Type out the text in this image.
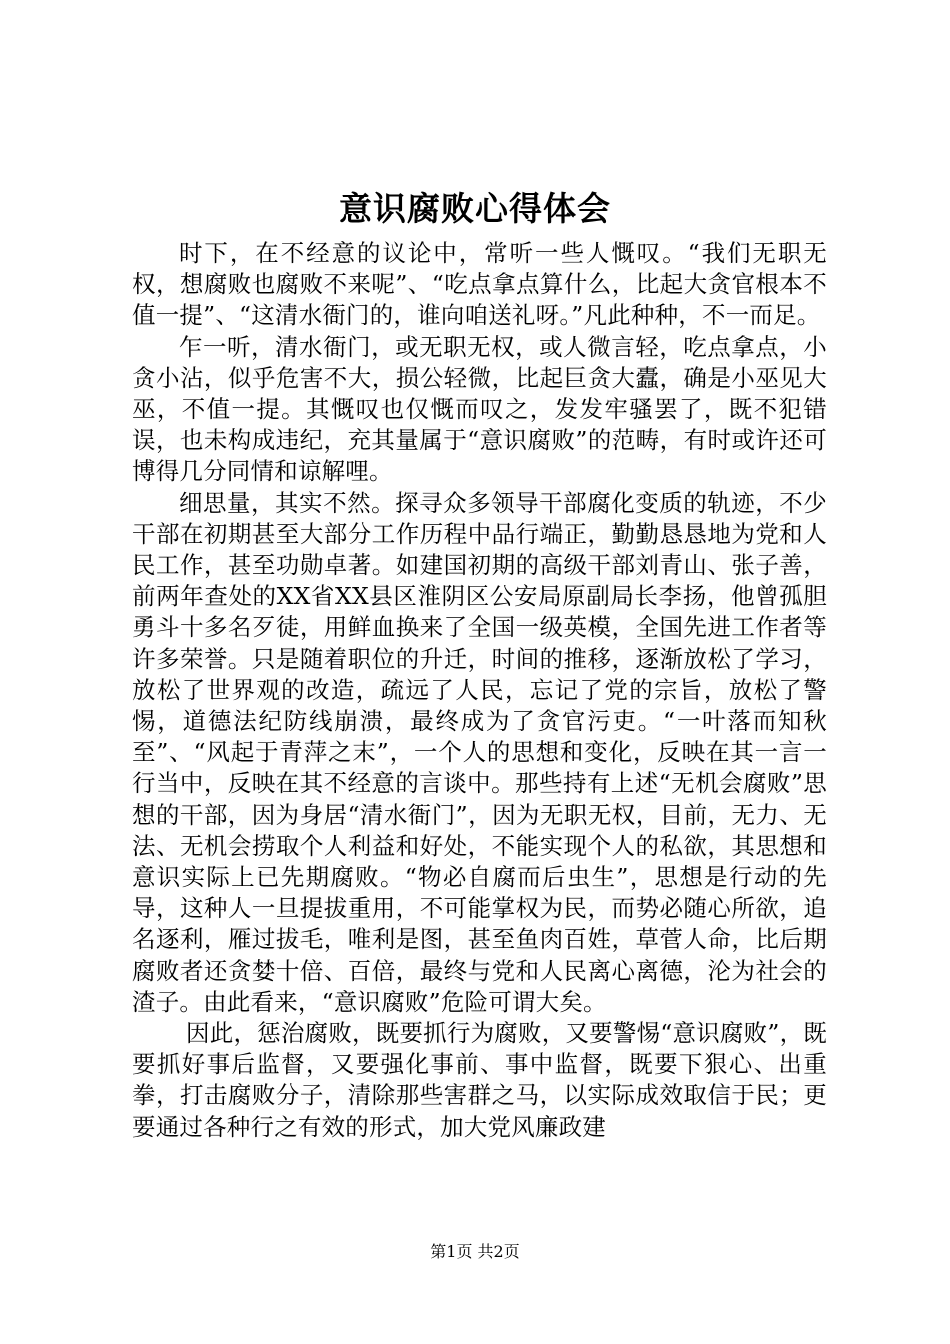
意识腐败心得体会

时下，在不经意的议论中，常听一些人慨叹。“我们无职无权，想腐败也腐败不来呢”、“吃点拿点算什么，比起大贪官根本不值一提”、“这清水衙门的，谁向咱送礼呀。”凡此种种，不一而足。

乍一听，清水衙门，或无职无权，或人微言轻，吃点拿点，小贪小沾，似乎危害不大，损公轻微，比起巨贪大蠹，确是小巫见大巫，不值一提。其慨叹也仅慨而叹之，发发牢骚罢了，既不犯错误，也未构成违纪，充其量属于“意识腐败”的范畴，有时或许还可博得几分同情和谅解哩。

细思量，其实不然。探寻众多领导干部腐化变质的轨迹，不少干部在初期甚至大部分工作历程中品行端正，勤勤恳恳地为党和人民工作，甚至功勋卓著。如建国初期的高级干部刘青山、张子善，前两年查处的XX省XX县区淮阴区公安局原副局长李扬，他曾孤胆勇斗十多名歹徒，用鲜血换来了全国一级英模，全国先进工作者等许多荣誉。只是随着职位的升迁，时间的推移，逐渐放松了学习，放松了世界观的改造，疏远了人民，忘记了党的宗旨，放松了警惕，道德法纪防线崩溃，最终成为了贪官污吏。“一叶落而知秋至”、“风起于青萍之末”，一个人的思想和变化，反映在其一言一行当中，反映在其不经意的言谈中。那些持有上述“无机会腐败”思想的干部，因为身居“清水衙门”，因为无职无权，目前，无力、无法、无机会捞取个人利益和好处，不能实现个人的私欲，其思想和意识实际上已先期腐败。“物必自腐而后虫生”，思想是行动的先导，这种人一旦提拔重用，不可能掌权为民，而势必随心所欲，追名逐利，雁过拔毛，唯利是图，甚至鱼肉百姓，草菅人命，比后期腐败者还贪婪十倍、百倍，最终与党和人民离心离德，沦为社会的渣子。由此看来，“意识腐败”危险可谓大矣。

因此，惩治腐败，既要抓行为腐败，又要警惕“意识腐败”，既要抓好事后监督，又要强化事前、事中监督，既要下狠心、出重拳，打击腐败分子，清除那些害群之马，以实际成效取信于民；更要通过各种行之有效的形式，加大党风廉政建

第1页 共2页
